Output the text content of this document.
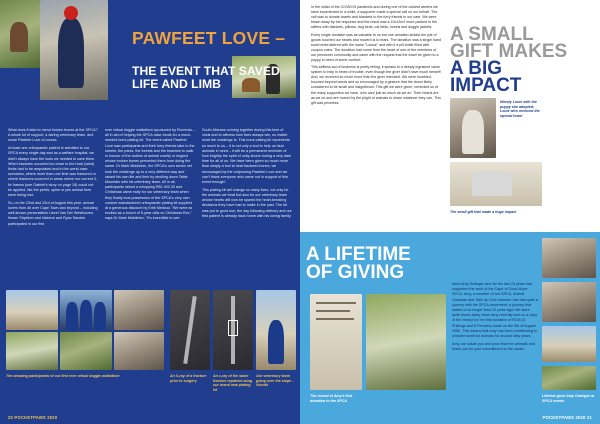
PAWFEET LOVE –
THE EVENT THAT SAVED LIFE AND LIMB

What does it take to mend broken bones at the SPCA? A whole lot of support, a daring veterinary team, and some Pawfeet Love of course.

At least one orthopaedic patient is admitted to our SPCA every single day and as a welfare hospital, we didn't always have the tools we needed to save them. When fractures occurred too close to the hock (wrist) limbs had to be amputated and in the worst-case scenarios, where more than one limb was fractured or where fractures occurred in areas where our current X-fix frames (see Gabriel's story on page 15) could not be applied, like the pelvis, spine or jaw animal lives were being lost.

So, on the 22nd and 23rd of August this year, animal lovers from all over Cape Town and beyond – including well-known personalities Liezel Van Der Westhuizen, Iheam Shyblom and Valeece and Ryan Sandes participated in our first

ever virtual doggie walkathon sponsored by Rorvenia – all in aid of helping the SPCA raise funds for a much-needed bone plating kit. The event called Pawfeet Love saw participants and their furry friends take to the streets, the parks, the forests and the beaches to walk in honour of the victims of animal cruelty or neglect whose broken bones prevented them from doing the same. Dr Mark Middleton, the SPCA's own senior vet took the challenge up to a very different way and raised his own life and limb by strolling down Table Mountain with his veterinary team. All in all, participants raised a whopping R82 492.30 and Christmas came early for our veterinary team when they finally took possession of the SPCA's very own custom manufactured orthopaedic plating kit supplied at a generous discount by Erith Medical. "We were as excited as a bunch of 5-year-olds on Christmas Eve," says Dr Mark Middleton, "It's incredible to see

South Africans coming together during this time of crisis and to witness how lives always win, no matter what the challenge is. This bone plating kit represents so much to us – it is not only a tool to help us heal animals in need – it will be a permanent reminder of how brightly the spirit of unity shone during a very dark time for all of us. We have been given so much more than simply a tool to heal fractured bones, we encouraged by the outpouring Pawfeet Love and we can't thank everyone who came out in support of this event enough!

This plating kit will change so many lives, not only for the animals we treat but also for our veterinary team whose hearts will now be spared the heart-breaking decisions they have had to make in the past. The kit was put to good use, the day following delivery and our first patient is already back home with his loving family.

The amazing participants of our first ever virtual doggie walkathon	An X-ray of a fracture prior to surgery
An x-ray of the same fracture repaired using our brand new plating kit
Our veterinary team going over the slope – #fundit
20 POCKETPAWS 2020

In the midst of the COVID19 pandemic and during one of the coldest winters we have experienced in a while, a supporter made a special call on our behalf. The call was to donate towels and blankets to the furry friends in our care. We were blown away by the response and the result was a 10x12m2 more packed to the rafters with blankets, pillows, dog beds, cat beds, towels and doggie jackets.

Every single donation was as valuable to us but one donation amidst the pile of goods touched our hearts and moved us to tears. The donation was a single hand towel embroidered with the name "Louise" and with it a pill bottle filled with coupon coins. The donation had come from the heart of one of the members of our pensioner community and came with the request that the towel be given to a puppy in need of some comfort.

This selfless act of kindness is pretty telling, it speaks to a deeply ingrained value system to help in times of trouble, even though the giver didn't have much herself! And, we received so much more than the giver intended. We were humbled, touched beyond words and so encouraged by a gesture that the donor likely considered to be small and insignificant. This gift we were given, reminded us of the many supporters we have, who care just as much as we do. Their hearts are as we do and are moved by the plight of animals to share whatever they can. This gift was priceless.

A SMALL
GIFT MAKES
A BIG
IMPACT
Wendy Louie with the puppy she adopted; Louie who received the special towel
The small gift that made a huge impact
A LIFETIME
OF GIVING
The record of Amy's first donation to the SPCA

Meet Amy Grainger who for the last 20 years has supported the work of the Cape of Good Hope SPCA. Amy, a member of our SPCA, Animal Guardian and Tails Up Club member has had quite a journey with the SPCA movement; a journey that started a lot longer than 20 years ago! We were quite blown away when Amy recently sent us a copy of the receipt for her first donation of R100 (5 Shillings and 6 Pennies) made on the 5th of August 1960. This means that Amy has been contributing to a kinder world for animals for around sixty years.

Amy, we salute you and your heart for animals and thank you for your commitment to the cause.

Lifetime giver Amy Grainger at SPCA events
POCKETPAWS 2020 21
